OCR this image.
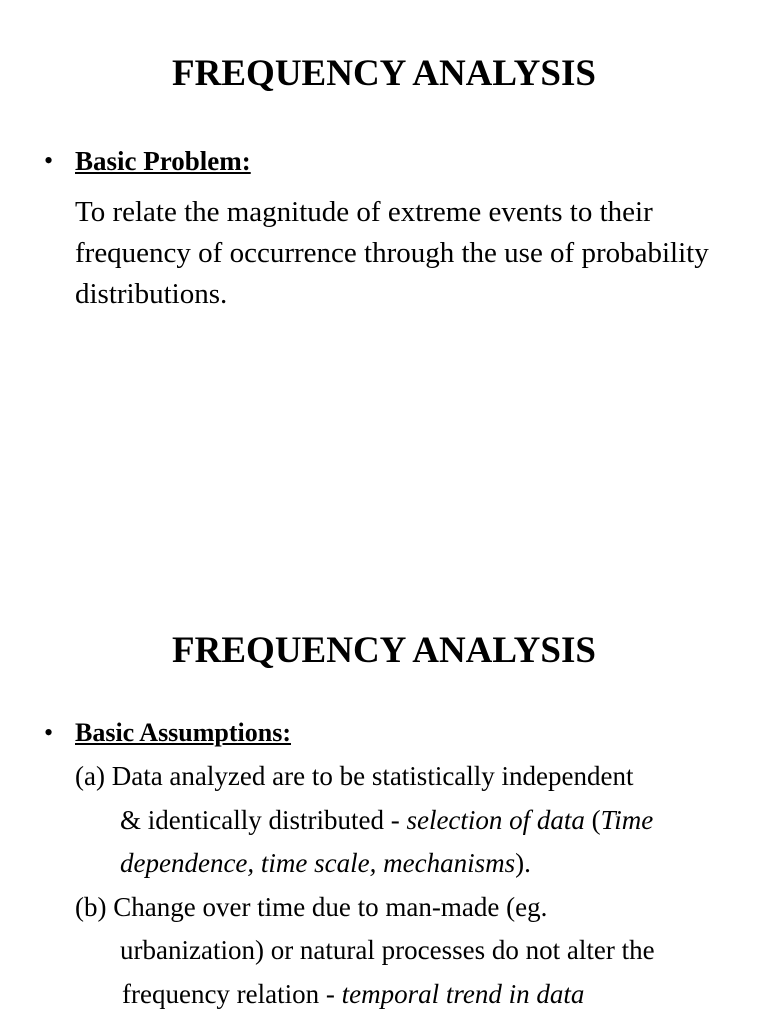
FREQUENCY ANALYSIS
• Basic Problem:

To relate the magnitude of extreme events to their frequency of occurrence through the use of probability distributions.

FREQUENCY ANALYSIS
• Basic Assumptions:
(a) Data analyzed are to be statistically independent
& identically distributed - selection of data (Time
dependence, time scale, mechanisms).
(b) Change over time due to man-made (eg.
urbanization) or natural processes do not alter the
frequency relation - temporal trend in data
